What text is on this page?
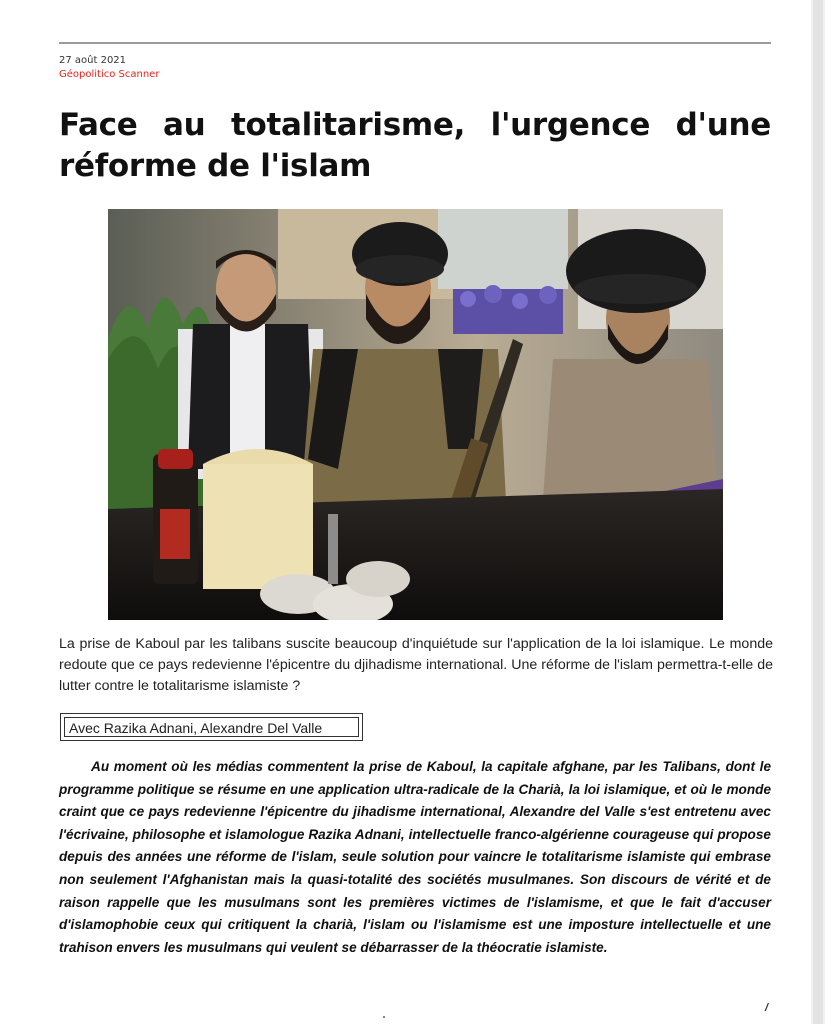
27 août 2021
Géopolitico Scanner
Face au totalitarisme, l'urgence d'une réforme de l'islam
La prise de Kaboul par les talibans suscite beaucoup d'inquiétude sur l'application de la loi islamique. Le monde redoute que ce pays redevienne l'épicentre du djihadisme international. Une réforme de l'islam permettra-t-elle de lutter contre le totalitarisme islamiste ?
Avec Razika Adnani, Alexandre Del Valle
Au moment où les médias commentent la prise de Kaboul, la capitale afghane, par les Talibans, dont le programme politique se résume en une application ultra-radicale de la Charià, la loi islamique, et où le monde craint que ce pays redevienne l'épicentre du jihadisme international, Alexandre del Valle s'est entretenu avec l'écrivaine, philosophe et islamologue Razika Adnani, intellectuelle franco-algérienne courageuse qui propose depuis des années une réforme de l'islam, seule solution pour vaincre le totalitarisme islamiste qui embrase non seulement l'Afghanistan mais la quasi-totalité des sociétés musulmanes. Son discours de vérité et de raison rappelle que les musulmans sont les premières victimes de l'islamisme, et que le fait d'accuser d'islamophobie ceux qui critiquent la charià, l'islam ou l'islamisme est une imposture intellectuelle et une trahison envers les musulmans qui veulent se débarrasser de la théocratie islamiste.
/
